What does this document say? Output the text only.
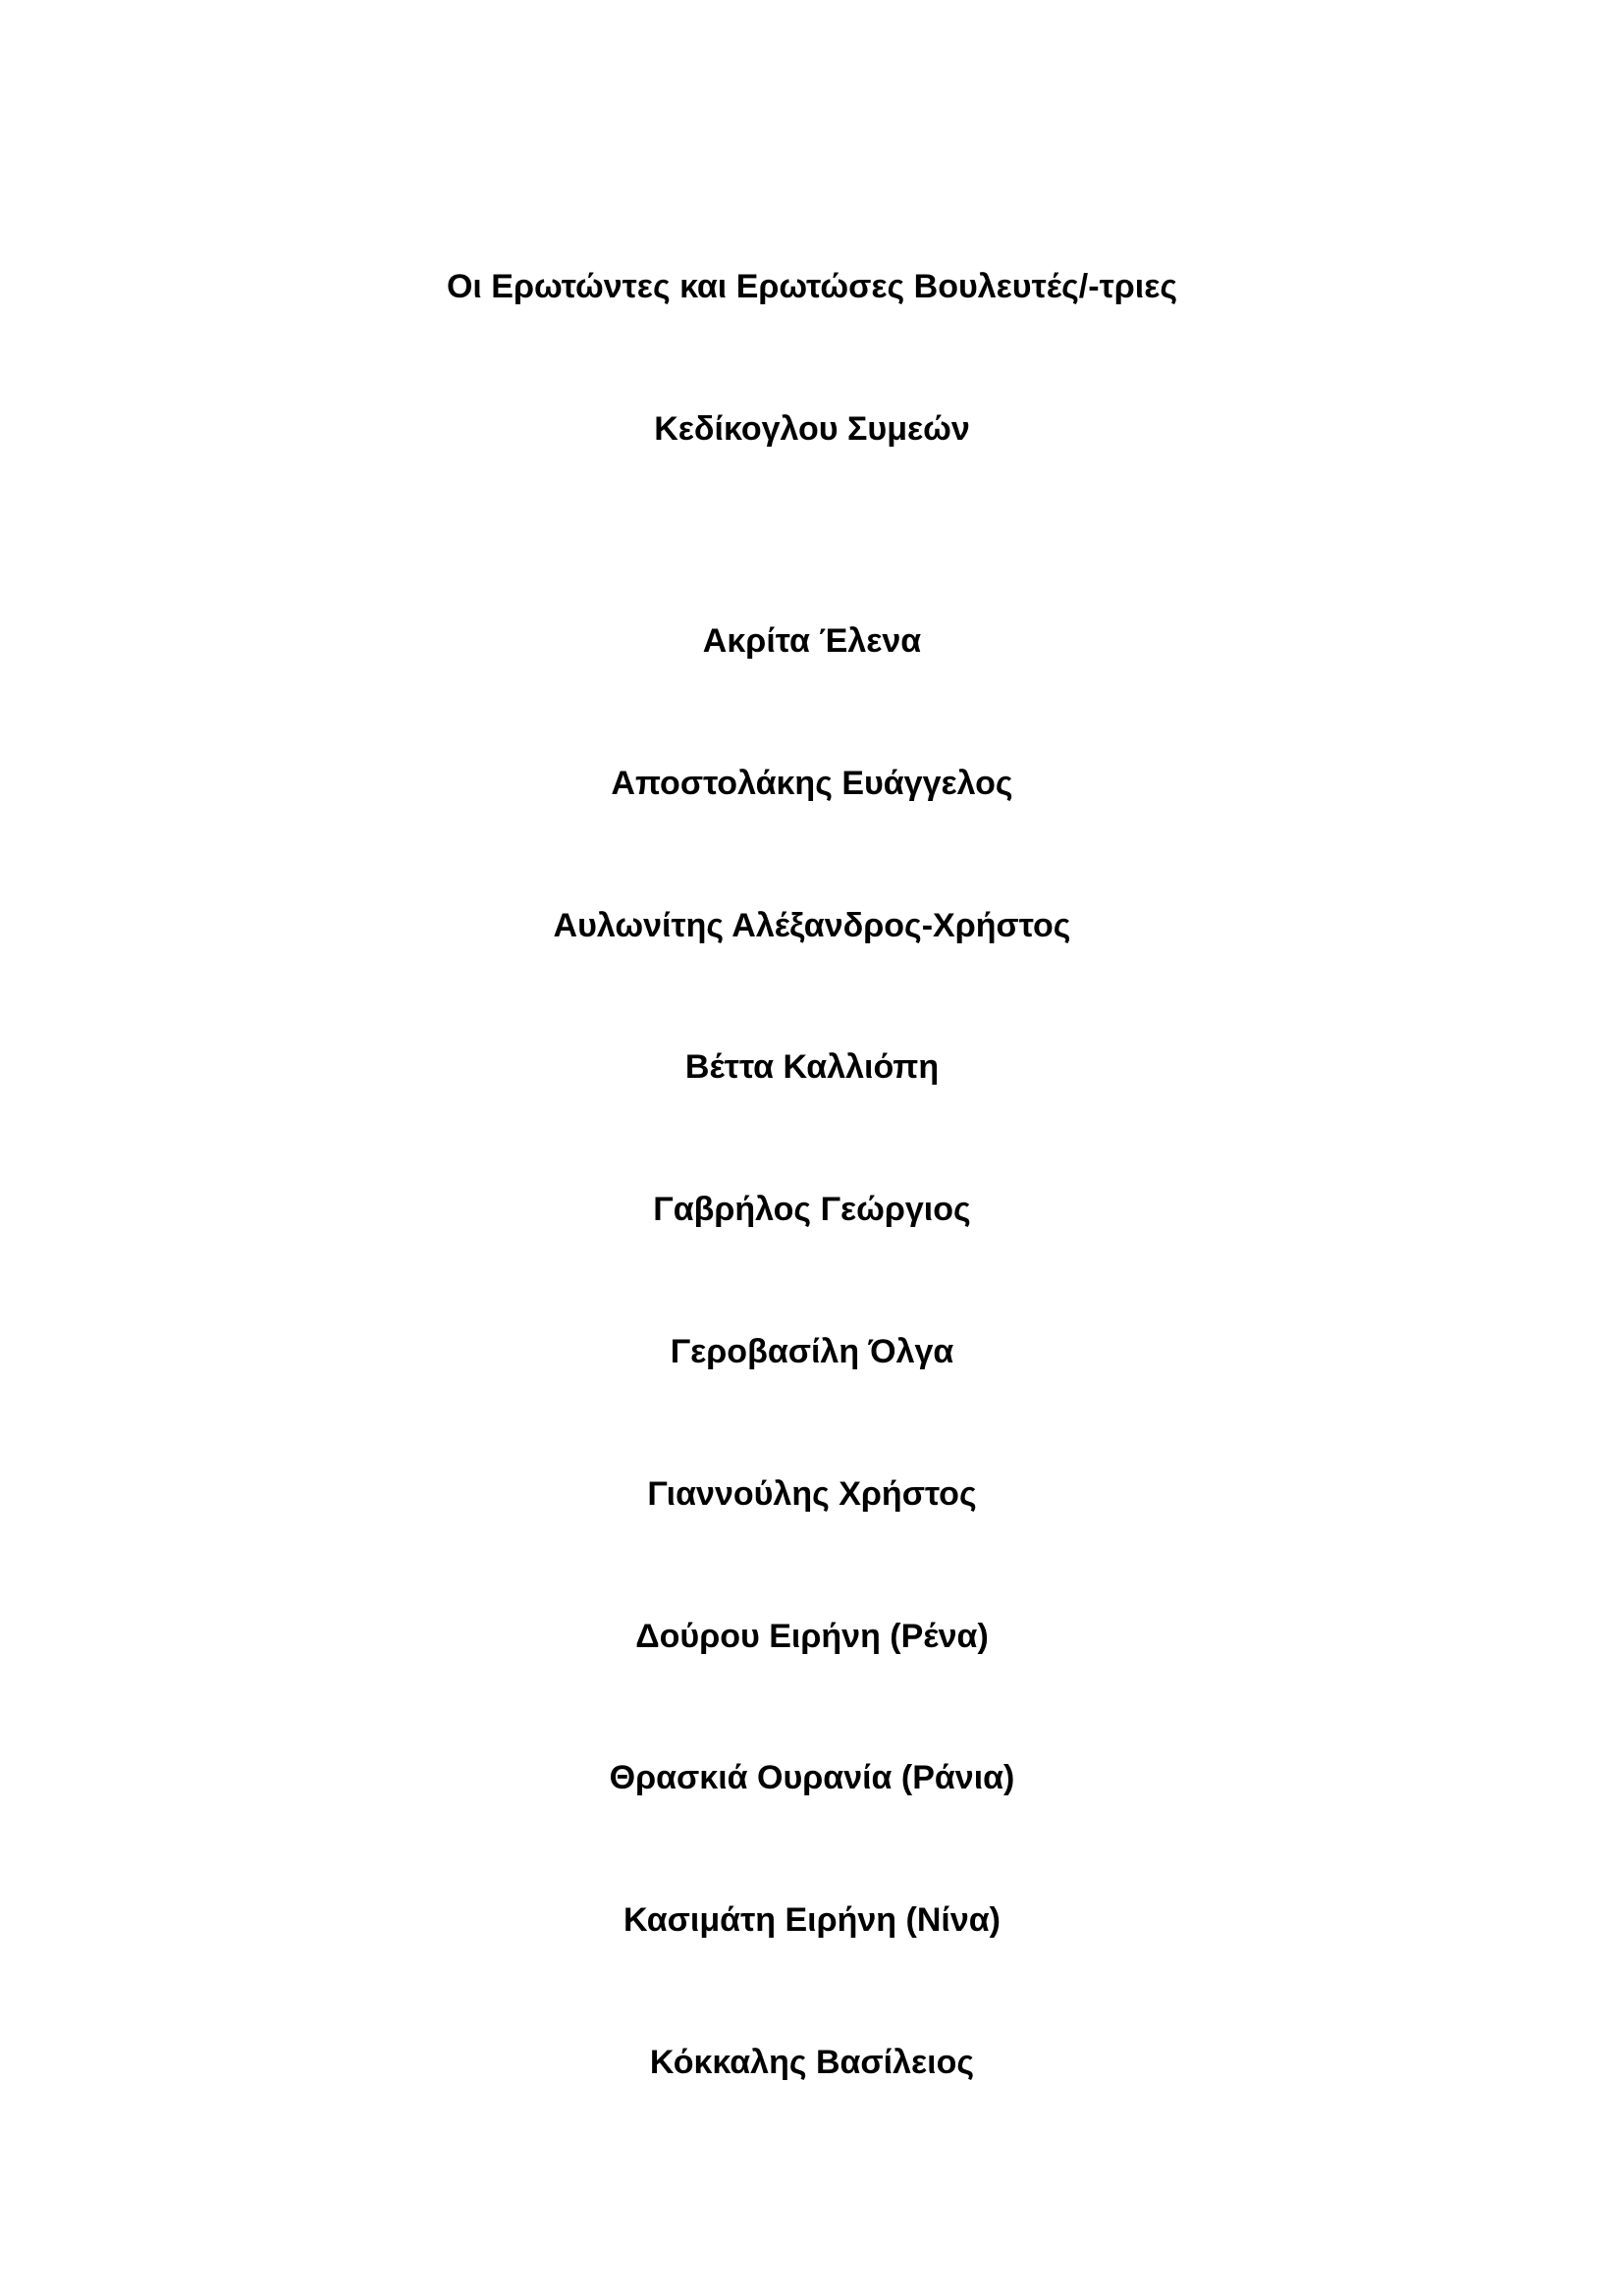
Οι Ερωτώντες και Ερωτώσες Βουλευτές/-τριες
Κεδίκογλου Συμεών
Ακρίτα Έλενα
Αποστολάκης Ευάγγελος
Αυλωνίτης Αλέξανδρος-Χρήστος
Βέττα Καλλιόπη
Γαβρήλος Γεώργιος
Γεροβασίλη Όλγα
Γιαννούλης Χρήστος
Δούρου Ειρήνη (Ρένα)
Θρασκιά Ουρανία (Ράνια)
Κασιμάτη Ειρήνη (Νίνα)
Κόκκαλης Βασίλειος
